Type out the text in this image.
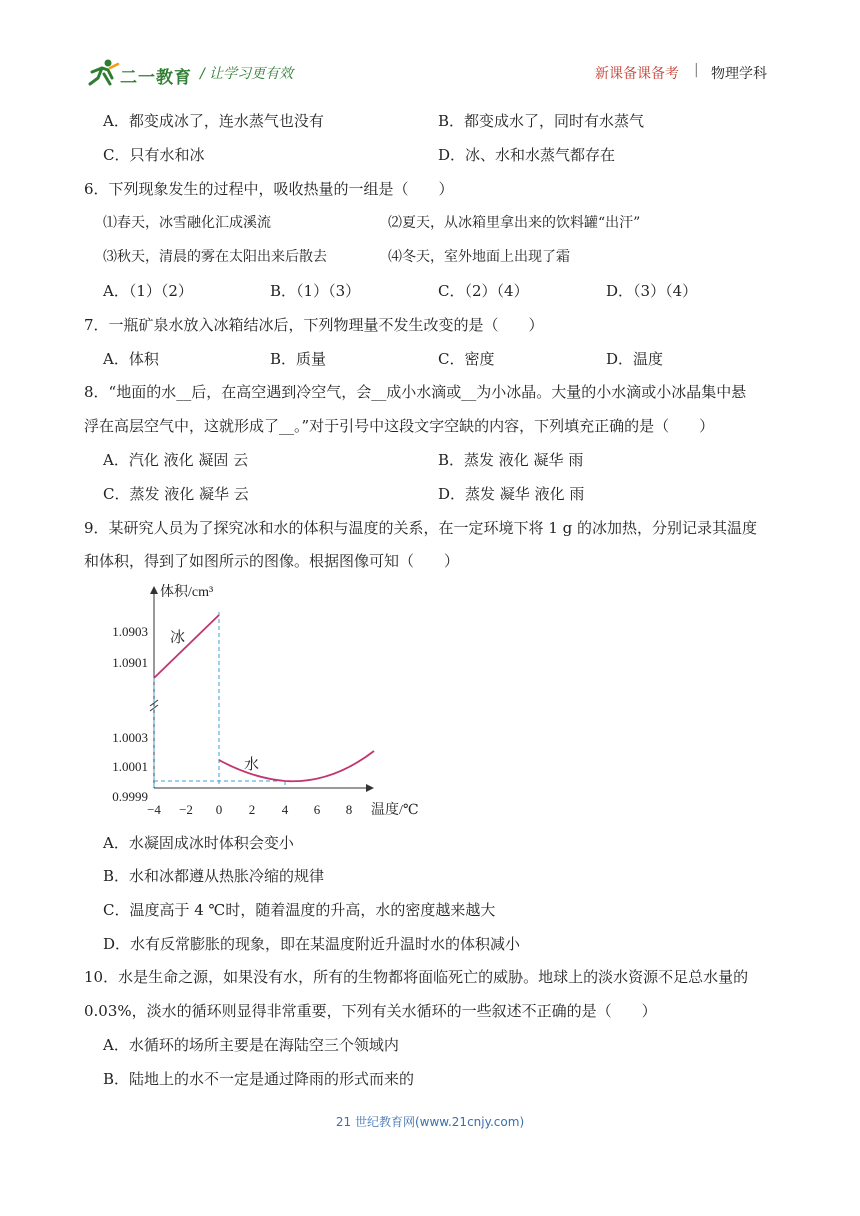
二一教育 / 让学习更有效	新课备课备考 | 物理学科
A．都变成冰了，连水蒸气也没有	B．都变成水了，同时有水蒸气
C．只有水和冰	D．冰、水和水蒸气都存在
6．下列现象发生的过程中，吸收热量的一组是（　　）
⑴春天，冰雪融化汇成溪流	⑵夏天，从冰箱里拿出来的饮料罐“出汗”
⑶秋天，清晨的雾在太阳出来后散去	⑷冬天，室外地面上出现了霜
A．（1）（2）	B．（1）（3）	C．（2）（4）	D．（3）（4）
7．一瓶矿泉水放入冰箱结冰后，下列物理量不发生改变的是（　　）
A．体积	B．质量	C．密度	D．温度
8．“地面的水__后，在高空遇到冷空气，会__成小水滴或__为小冰晶。大量的小水滴或小冰晶集中悬
浮在高层空气中，这就形成了__。”对于引号中这段文字空缺的内容，下列填充正确的是（　　）
A．汽化 液化 凝固 云	B．蒸发 液化 凝华 雨
C．蒸发 液化 凝华 云	D．蒸发 凝华 液化 雨
9．某研究人员为了探究冰和水的体积与温度的关系，在一定环境下将 1 g 的冰加热，分别记录其温度
和体积，得到了如图所示的图像。根据图像可知（　　）
体积/cm³
温度/℃
1.0903
1.0901
1.0003
1.0001
0.9999
−4 −2 0 2 4 6 8
冰
水
A．水凝固成冰时体积会变小
B．水和冰都遵从热胀冷缩的规律
C．温度高于 4 ℃时，随着温度的升高，水的密度越来越大
D．水有反常膨胀的现象，即在某温度附近升温时水的体积减小
10．水是生命之源，如果没有水，所有的生物都将面临死亡的威胁。地球上的淡水资源不足总水量的
0.03%，淡水的循环则显得非常重要，下列有关水循环的一些叙述不正确的是（　　）
A．水循环的场所主要是在海陆空三个领域内
B．陆地上的水不一定是通过降雨的形式而来的
21 世纪教育网(www.21cnjy.com)
